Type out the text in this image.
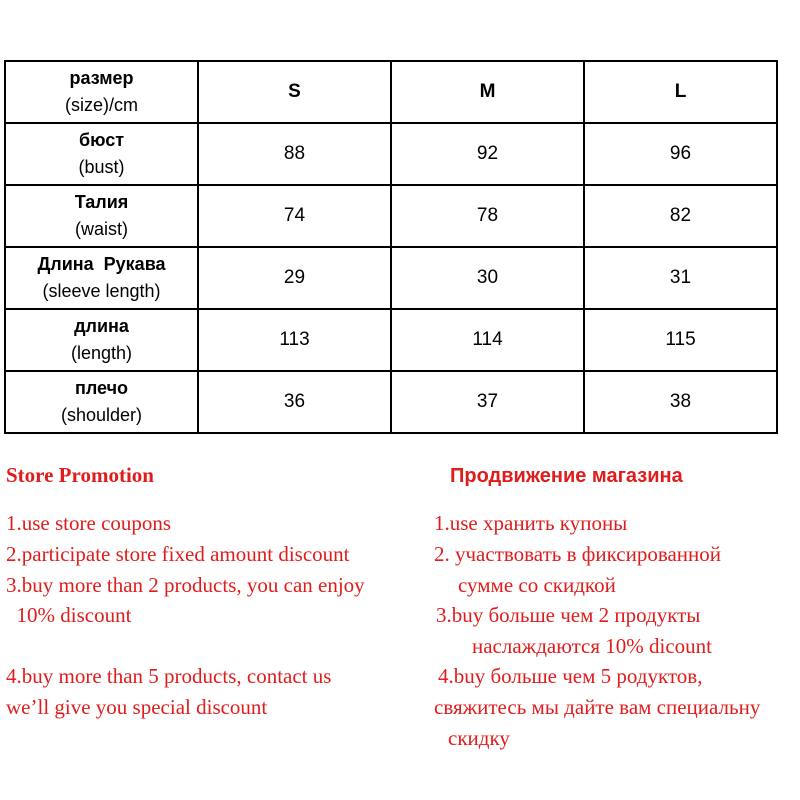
размер
(size)/cm	S	M	L

бюст
(bust)	88	92	96

Талия
(waist)	74	78	82

Длина  Рукава
(sleeve length)	29	30	31

длина
(length)	113	114	115

плечо
(shoulder)	36	37	38
Store Promotion
1.use store coupons
2.participate store fixed amount discount
3.buy more than 2 products, you can enjoy
10% discount
4.buy more than 5 products, contact us
we’ll give you special discount
Продвижение магазина
1.use хранить купоны
2. участвовать в фиксированной
сумме со скидкой
3.buy больше чем 2 продукты
наслаждаются 10% dicount
4.buy больше чем 5 родуктов,
свяжитесь мы дайте вам специальну
скидку
